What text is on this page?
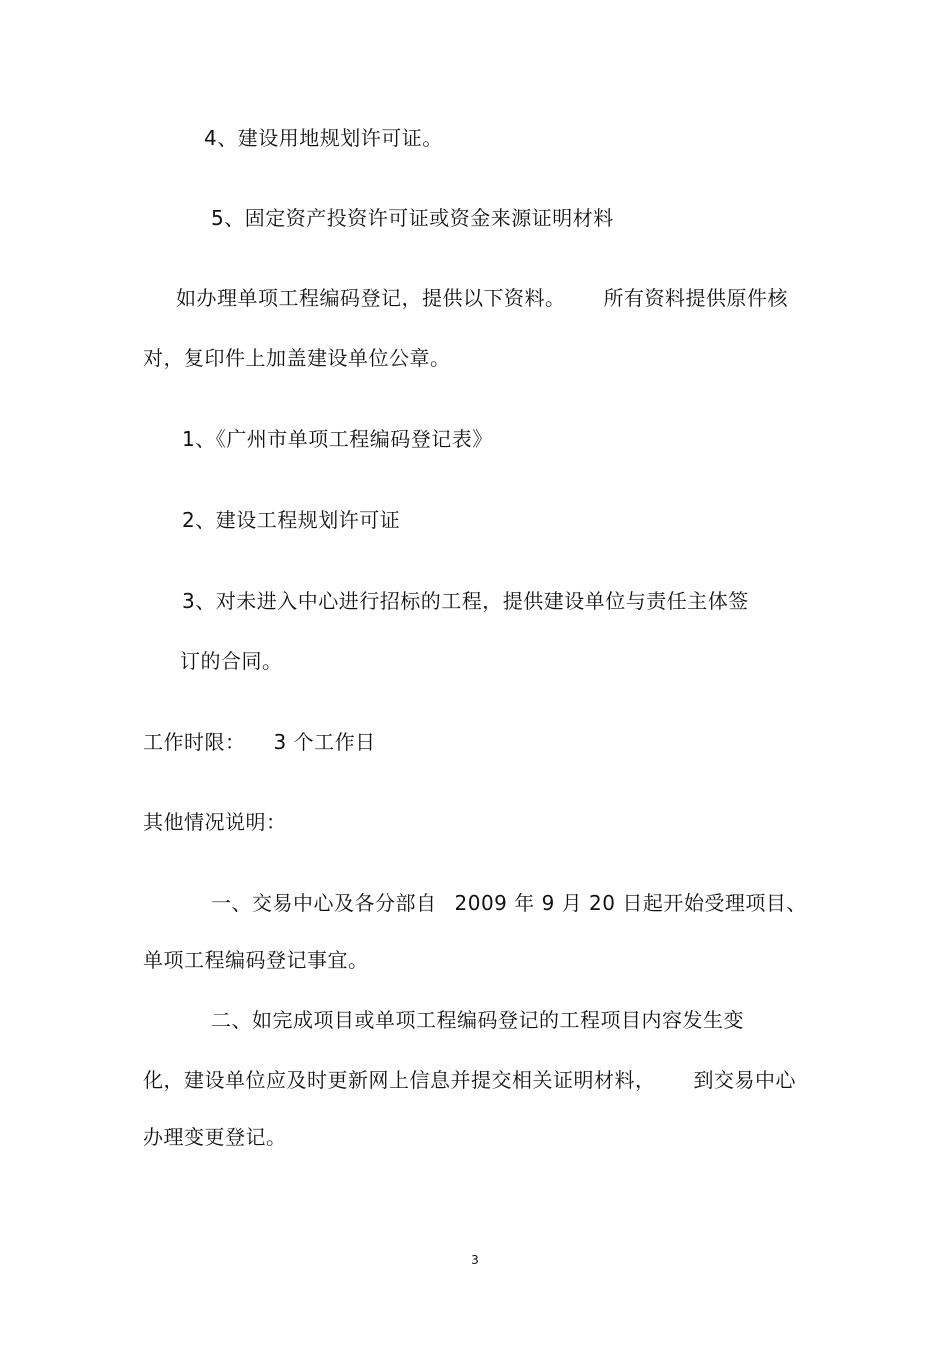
4、建设用地规划许可证。
5、固定资产投资许可证或资金来源证明材料
如办理单项工程编码登记，提供以下资料。 所有资料提供原件核
对，复印件上加盖建设单位公章。
1、《广州市单项工程编码登记表》
2、建设工程规划许可证
3、对未进入中心进行招标的工程，提供建设单位与责任主体签
订的合同。
工作时限： 3 个工作日
其他情况说明：
一、交易中心及各分部自 2009 年 9 月 20 日起开始受理项目、
单项工程编码登记事宜。
二、如完成项目或单项工程编码登记的工程项目内容发生变
化，建设单位应及时更新网上信息并提交相关证明材料， 到交易中心
办理变更登记。
3
